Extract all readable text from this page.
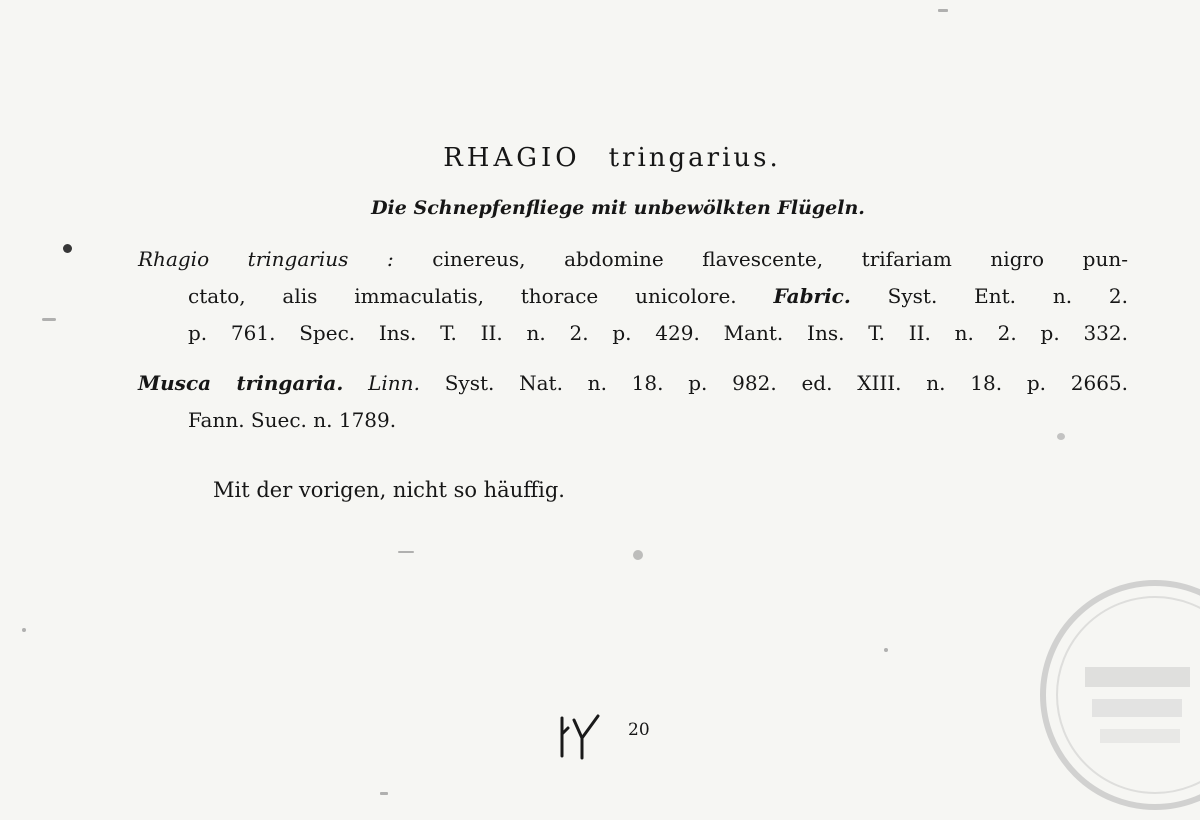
RHAGIO tringarius.
Die Schnepfenfliege mit unbewölkten Flügeln.
Rhagio tringarius : cinereus, abdomine flavescente, trifariam nigro pun-
ctato, alis immaculatis, thorace unicolore. Fabric. Syst. Ent. n. 2.
p. 761. Spec. Ins. T. II. n. 2. p. 429. Mant. Ins. T. II. n. 2. p. 332.
Musca tringaria. Linn. Syst. Nat. n. 18. p. 982. ed. XIII. n. 18. p. 2665.
Fann. Suec. n. 1789.
Mit der vorigen, nicht so häuffig.
20
